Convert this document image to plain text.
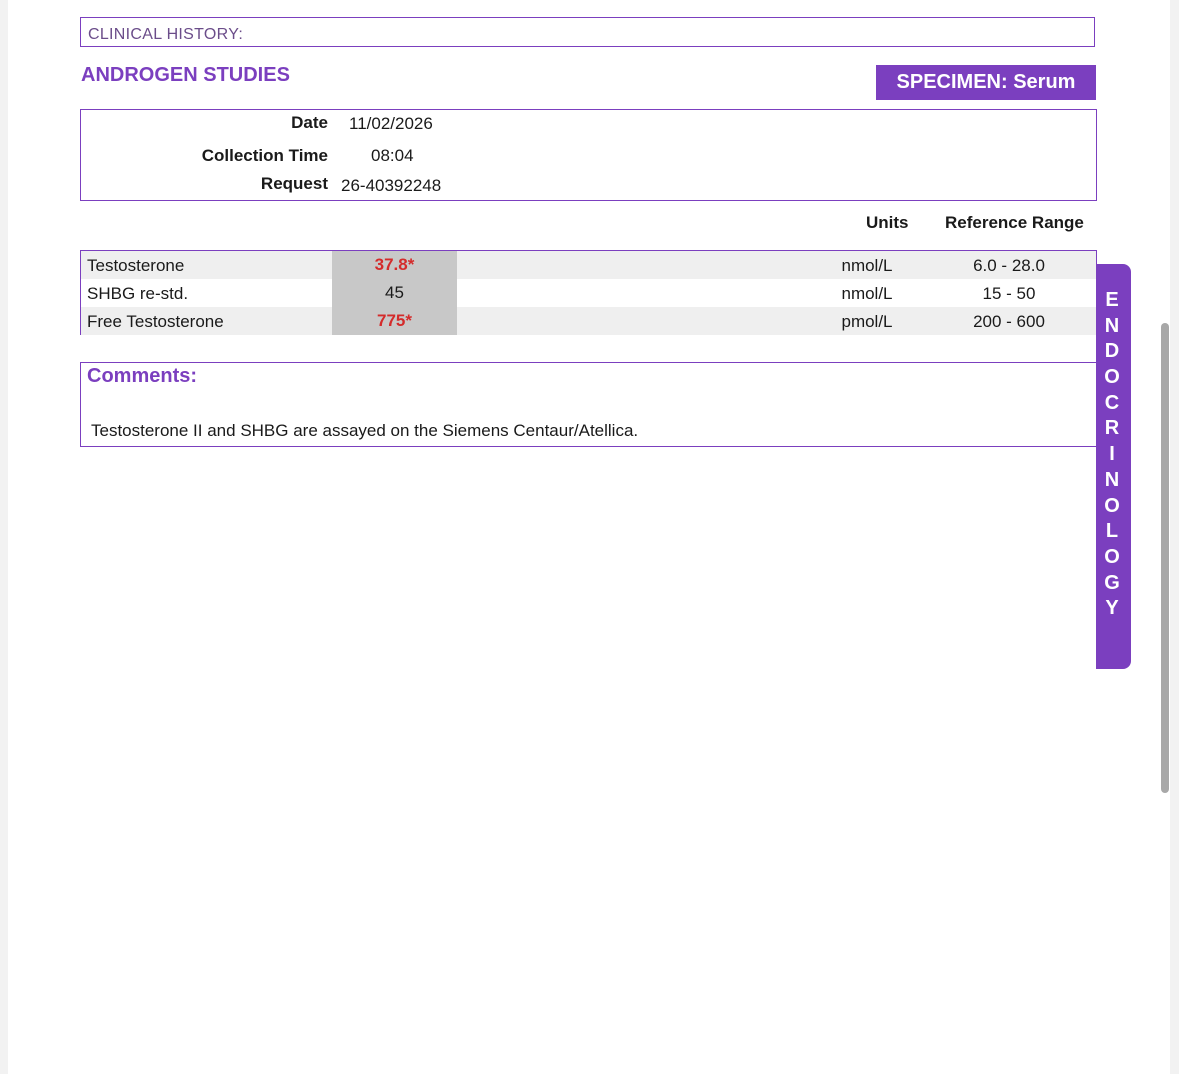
CLINICAL HISTORY:
ANDROGEN STUDIES	SPECIMEN: Serum
Date 11/02/2026
Collection Time	08:04
Request 26-40392248
Units Reference Range
Testosterone	37.8*	nmol/L	6.0 - 28.0
SHBG re-std.	45	nmol/L	15 - 50
Free Testosterone	775*	pmol/L	200 - 600
Comments:
Testosterone II and SHBG are assayed on the Siemens Centaur/Atellica.
E
N
D
O
C
R
I
N
O
L
O
G
Y
